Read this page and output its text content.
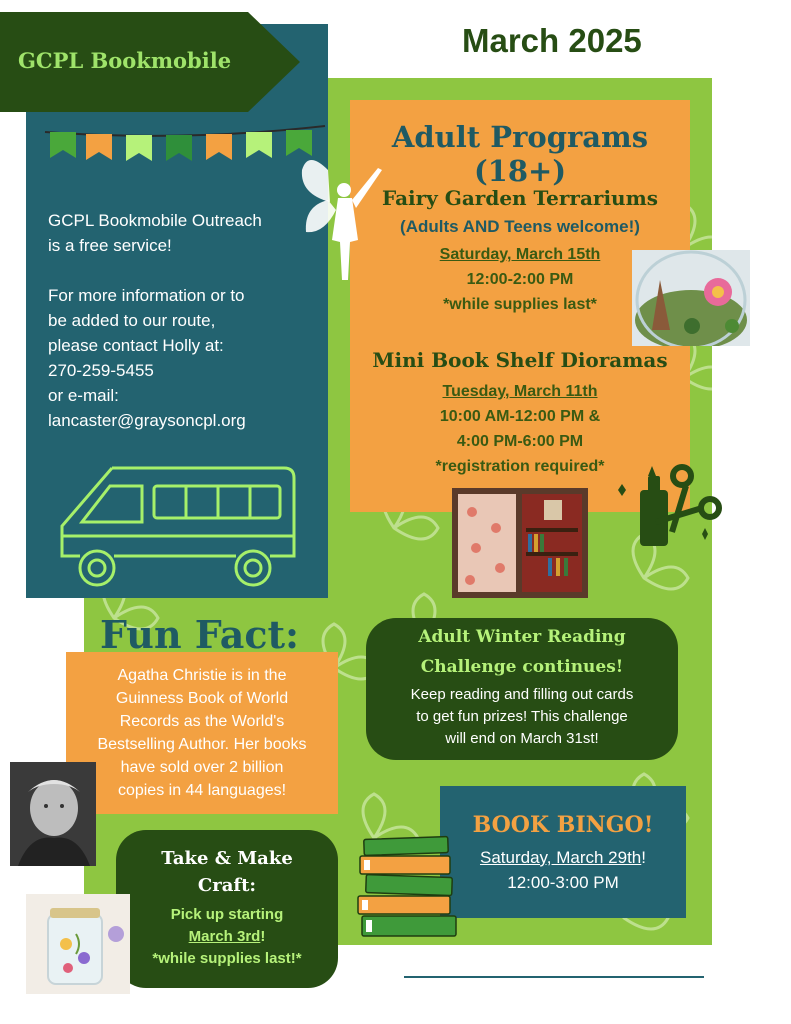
GCPL Bookmobile
March 2025
GCPL Bookmobile Outreach
is a free service!
For more information or to
be added to our route,
please contact Holly at:
270-259-5455
or e-mail:
lancaster@graysoncpl.org
Adult Programs (18+)
Fairy Garden Terrariums
(Adults AND Teens welcome!)
Saturday, March 15th
12:00-2:00 PM
*while supplies last*
Mini Book Shelf Dioramas
Tuesday, March 11th
10:00 AM-12:00 PM &
4:00 PM-6:00 PM
*registration required*
Adult Winter Reading
Challenge continues!
Keep reading and filling out cards
to get fun prizes! This challenge
will end on March 31st!
Fun Fact:
Agatha Christie is in the
Guinness Book of World
Records as the World's
Bestselling Author. Her books
have sold over 2 billion
copies in 44 languages!
Take & Make
Craft:
Pick up starting
March 3rd!
*while supplies last!*
BOOK BINGO!
Saturday, March 29th!
12:00-3:00 PM
